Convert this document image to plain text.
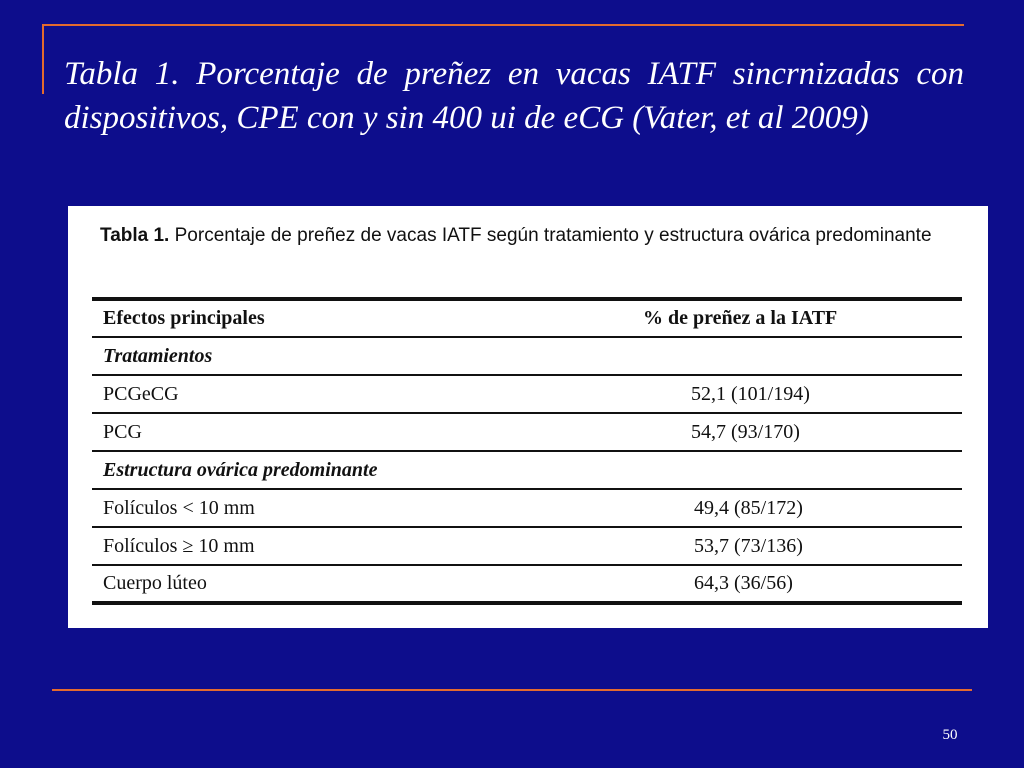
Tabla 1. Porcentaje de preñez en vacas IATF sincrnizadas con dispositivos, CPE con y sin 400 ui de eCG (Vater, et al 2009)
Tabla 1. Porcentaje de preñez de vacas IATF según tratamiento y estructura ovárica predominante
Efectos principales	% de preñez a la IATF
Tratamientos	
PCGeCG	52,1 (101/194)
PCG	54,7 (93/170)
Estructura ovárica predominante	
Folículos < 10 mm	49,4 (85/172)
Folículos ≥ 10 mm	53,7 (73/136)
Cuerpo lúteo	64,3 (36/56)
50
